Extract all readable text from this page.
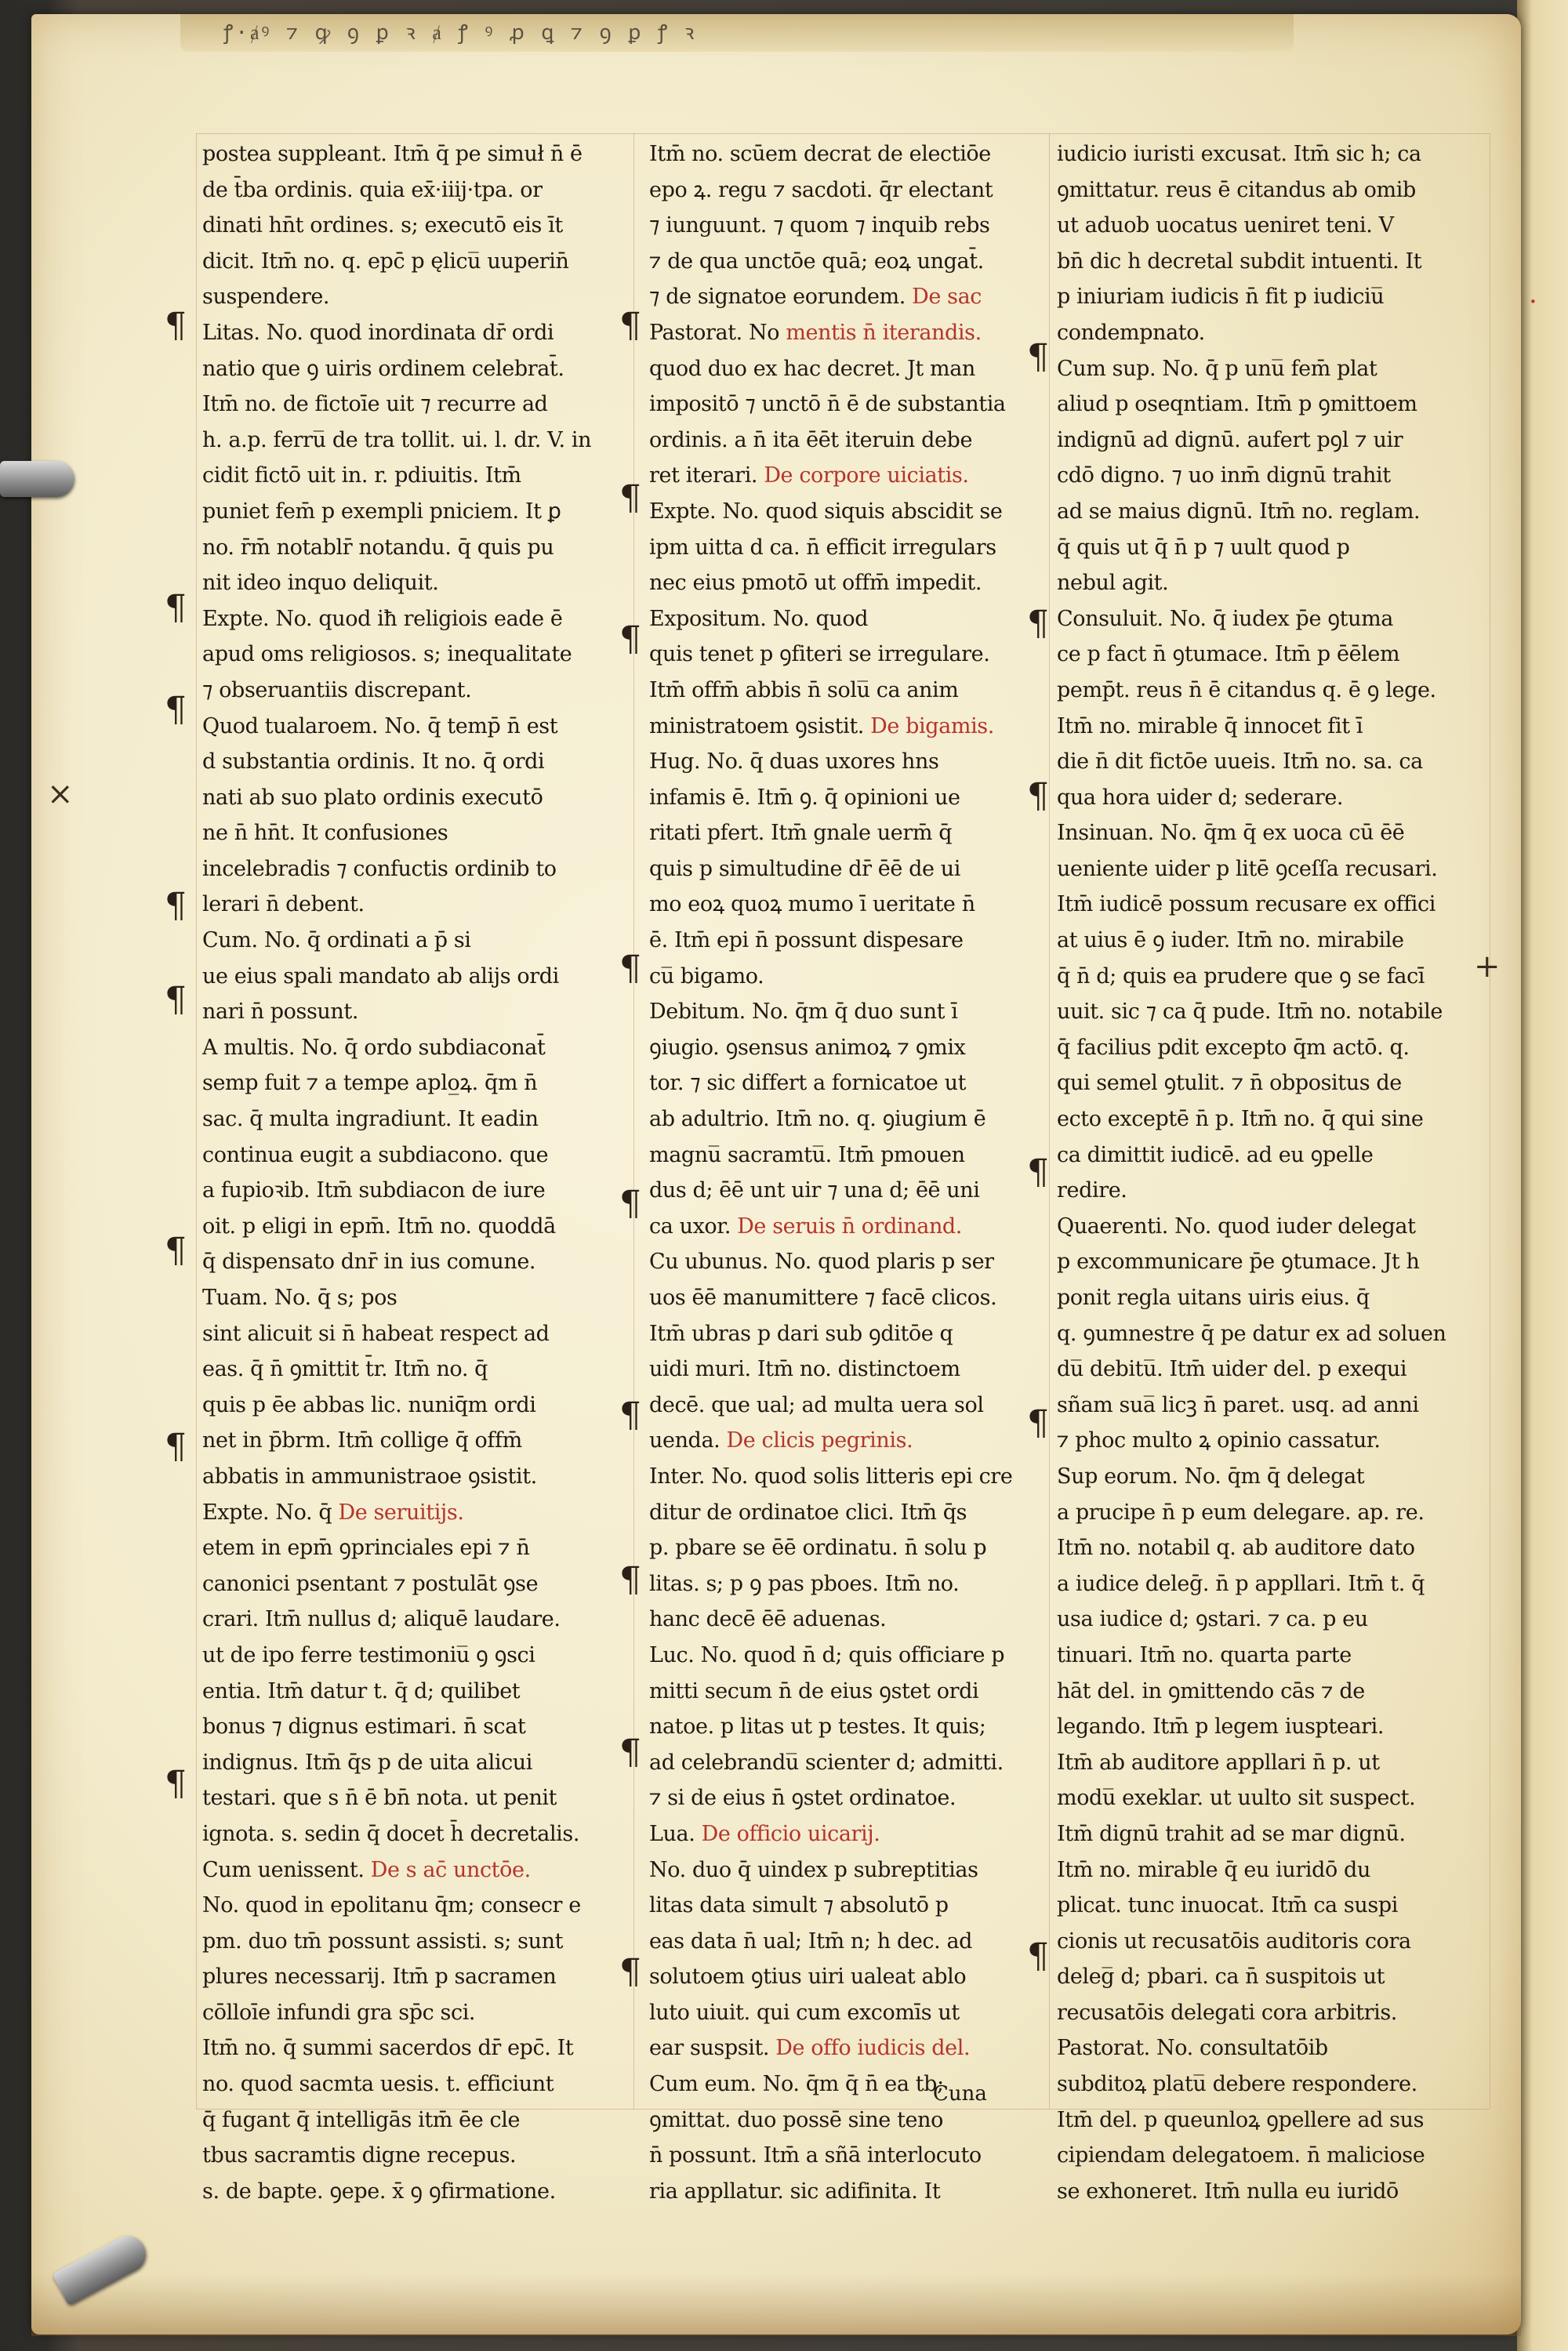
·
ꝭ·ⱥꝰ ⁊ ꝙ ꝯ ꝑ ꝛ ⱥ ꝭ ꝰ ꝓ ꝗ ⁊ ꝯ ꝑ ꝭ ꝛ
¶
¶
¶
¶
¶
¶
¶
¶
¶
¶
¶
¶
¶
¶
¶
¶
¶
¶
¶
¶
¶
¶
¶
×
+
postea suppleant. Itm̄ q̄ pe simuł n̄ ē
de t̄ba ordinis. quia ex̄·iiij·tpa. or
dinati hn̄t ordines. s; executō eis īt
dicit. Itm̄ no. q. epc̄ p ęlicu̅ uuperin̄
suspendere.
Litas. No. quod inordinata dr̄ ordi
natio que ꝯ uiris ordinem celebrat̄.
Itm̄ no. de fictoīe uit ⁊ recurre ad
h. a.p. ferru̅ de tra tollit. ui. l. dr. V. in
cidit fictō uit in. r. pdiuitis. Itm̄
puniet fem̄ p exempli pniciem. It ꝑ
no. r̄m̄ notablr̄ notandu. q̄ quis pu
nit ideo inquo deliquit.
Expte. No. quod iħ religiois eade ē
apud oms religiosos. s; inequalitate
⁊ obseruantiis discrepant.
Quod tualaroem. No. q̄ temp̄ n̄ est
d substantia ordinis. It no. q̄ ordi
nati ab suo plato ordinis executō
ne n̄ hn̄t. It confusiones
incelebradis ⁊ confuctis ordinib to
lerari n̄ debent.
Cum. No. q̄ ordinati a p̄ si
ue eius spali mandato ab alijs ordi
nari n̄ possunt.
A multis. No. q̄ ordo subdiaconat̄
semp fuit ⁊ a tempe aplo̲ꝝ. q̄m n̄
sac. q̄ multa ingradiunt. It eadin
continua eugit a subdiacono. que
a fupioꝛib. Itm̄ subdiacon de iure
oit. p eligi in epm̄. Itm̄ no. quoddā
q̄ dispensato dnr̄ in ius comune.
Tuam. No. q̄ s; pos
sint alicuit si n̄ habeat respect ad
eas. q̄ n̄ ꝯmittit t̄r. Itm̄ no. q̄
quis p ēe abbas lic. nuniq̄m ordi
net in p̄brm. Itm̄ collige q̄ offm̄
abbatis in ammunistraoe ꝯsistit.
Expte. No. q̄ De seruitijs.
etem in epm̄ ꝯprinciales epi ⁊ n̄
canonici psentant ⁊ postulāt ꝯse
crari. Itm̄ nullus d; aliquē laudare.
ut de ipo ferre testimoniu̅ ꝯ ꝯsci
entia. Itm̄ datur t. q̄ d; quilibet
bonus ⁊ dignus estimari. n̄ scat
indignus. Itm̄ q̄s p de uita alicui
testari. que s n̄ ē bn̄ nota. ut penit
ignota. s. sedin q̄ docet h̄ decretalis.
Cum uenissent. De s ac̄ unctōe.
No. quod in epolitanu q̄m; consecr e
pm. duo tm̄ possunt assisti. s; sunt
plures necessarij. Itm̄ p sacramen
cōlloīe infundi gra sp̄c sci.
Itm̄ no. q̄ summi sacerdos dr̄ epc̄. It
no. quod sacmta uesis. t. efficiunt
q̄ fugant q̄ intelligās itm̄ ēe cle
tbus sacramtis digne recepus.
s. de bapte. ꝯepe. x̄ ꝯ ꝯfirmatione.
Itm̄ no. scūem decrat de electiōe
epo ꝝ. regu ⁊ sacdoti. q̄r electant
⁊ iunguunt. ⁊ quom ⁊ inquib rebs
⁊ de qua unctōe quā; eoꝝ ungat̄.
⁊ de signatoe eorundem. De sac
Pastorat. No mentis n̄ iterandis.
quod duo ex hac decret. Jt man
impositō ⁊ unctō n̄ ē de substantia
ordinis. a n̄ ita ēēt iteruin debe
ret iterari. De corpore uiciatis.
Expte. No. quod siquis abscidit se
ipm uitta d ca. n̄ efficit irregulars
nec eius pmotō ut offm̄ impedit.
Expositum. No. quod
quis tenet p ꝯfiteri se irregulare.
Itm̄ offm̄ abbis n̄ solu̅ ca anim
ministratoem ꝯsistit. De bigamis.
Hug. No. q̄ duas uxores hns
infamis ē. Itm̄ ꝯ. q̄ opinioni ue
ritati pfert. Itm̄ gnale uerm̄ q̄
quis p simultudine dr̄ ēē de ui
mo eoꝝ quoꝝ mumo ī ueritate n̄
ē. Itm̄ epi n̄ possunt dispesare
cu̅ bigamo.
Debitum. No. q̄m q̄ duo sunt ī
ꝯiugio. ꝯsensus animoꝝ ⁊ ꝯmix
tor. ⁊ sic differt a fornicatoe ut
ab adultrio. Itm̄ no. q. ꝯiugium ē
magnu̅ sacramtu̅. Itm̄ pmouen
dus d; ēē unt uir ⁊ una d; ēē uni
ca uxor. De seruis n̄ ordinand.
Cu ubunus. No. quod plaris p ser
uos ēē manumittere ⁊ facē clicos.
Itm̄ ubras p dari sub ꝯditōe q
uidi muri. Itm̄ no. distinctoem
decē. que ual; ad multa uera sol
uenda. De clicis pegrinis.
Inter. No. quod solis litteris epi cre
ditur de ordinatoe clici. Itm̄ q̄s
p. pbare se ēē ordinatu. n̄ solu p
litas. s; p ꝯ pas pboes. Itm̄ no.
hanc decē ēē aduenas.
Luc. No. quod n̄ d; quis officiare p
mitti secum n̄ de eius ꝯstet ordi
natoe. p litas ut p testes. It quis;
ad celebrandu̅ scienter d; admitti.
⁊ si de eius n̄ ꝯstet ordinatoe.
Lua. De officio uicarij.
No. duo q̄ uindex p subreptitias
litas data simult ⁊ absolutō p
eas data n̄ ual; Itm̄ n; h dec. ad
solutoem ꝯtius uiri ualeat ablo
luto uiuit. qui cum excomīs ut
ear suspsit. De offo iudicis del.
Cum eum. No. q̄m q̄ n̄ ea tb;
ꝯmittat. duo possē sine teno
n̄ possunt. Itm̄ a sñā interlocuto
ria appllatur. sic adifinita. It
iudicio iuristi excusat. Itm̄ sic h; ca
ꝯmittatur. reus ē citandus ab omib
ut aduob uocatus ueniret teni. V
bn̄ dic h decretal subdit intuenti. It
p iniuriam iudicis n̄ fit p iudiciu̅
condempnato.
Cum sup. No. q̄ p unu̅ fem̄ plat
aliud p oseqntiam. Itm̄ p ꝯmittoem
indignū ad dignū. aufert pꝯl ⁊ uir
cdō digno. ⁊ uo inm̄ dignū trahit
ad se maius dignū. Itm̄ no. reglam.
q̄ quis ut q̄ n̄ p ⁊ uult quod p
nebul agit.
Consuluit. No. q̄ iudex p̄e ꝯtuma
ce p fact n̄ ꝯtumace. Itm̄ p ēēlem
pemp̄t. reus n̄ ē citandus q. ē ꝯ lege.
Itm̄ no. mirable q̄ innocet fit ī
die n̄ dit fictōe uueis. Itm̄ no. sa. ca
qua hora uider d; sederare.
Insinuan. No. q̄m q̄ ex uoca cū ēē
ueniente uider p litē ꝯceſſa recusari.
Itm̄ iudicē possum recusare ex offici
at uius ē ꝯ iuder. Itm̄ no. mirabile
q̄ n̄ d; quis ea prudere que ꝯ se facī
uuit. sic ⁊ ca q̄ pude. Itm̄ no. notabile
q̄ facilius pdit excepto q̄m actō. q.
qui semel ꝯtulit. ⁊ n̄ obpositus de
ecto exceptē n̄ p. Itm̄ no. q̄ qui sine
ca dimittit iudicē. ad eu ꝯpelle
redire.
Quaerenti. No. quod iuder delegat
p excommunicare p̄e ꝯtumace. Jt h
ponit regla uitans uiris eius. q̄
q. ꝯumnestre q̄ pe datur ex ad soluen
du̅ debitu̅. Itm̄ uider del. p exequi
sñam sua̅ licꝫ n̄ paret. usq. ad anni
⁊ phoc multo ꝝ opinio cassatur.
Sup eorum. No. q̄m q̄ delegat
a prucipe n̄ p eum delegare. ap. re.
Itm̄ no. notabil q. ab auditore dato
a iudice deleḡ. n̄ p appllari. Itm̄ t. q̄
usa iudice d; ꝯstari. ⁊ ca. p eu
tinuari. Itm̄ no. quarta parte
hāt del. in ꝯmittendo cās ⁊ de
legando. Itm̄ p legem iuspteari.
Itm̄ ab auditore appllari n̄ p. ut
modu̅ exeklar. ut uulto sit suspect.
Itm̄ dignū trahit ad se mar dignū.
Itm̄ no. mirable q̄ eu iuridō du
plicat. tunc inuocat. Itm̄ ca suspi
cionis ut recusatōis auditoris cora
deleg̅ d; pbari. ca n̄ suspitois ut
recusatōis delegati cora arbitris.
Pastorat. No. consultatōib
subditoꝝ platu̅ debere respondere.
Itm̄ del. p queunloꝝ ꝯpellere ad sus
cipiendam delegatoem. n̄ maliciose
se exhoneret. Itm̄ nulla eu iuridō
Cuna
